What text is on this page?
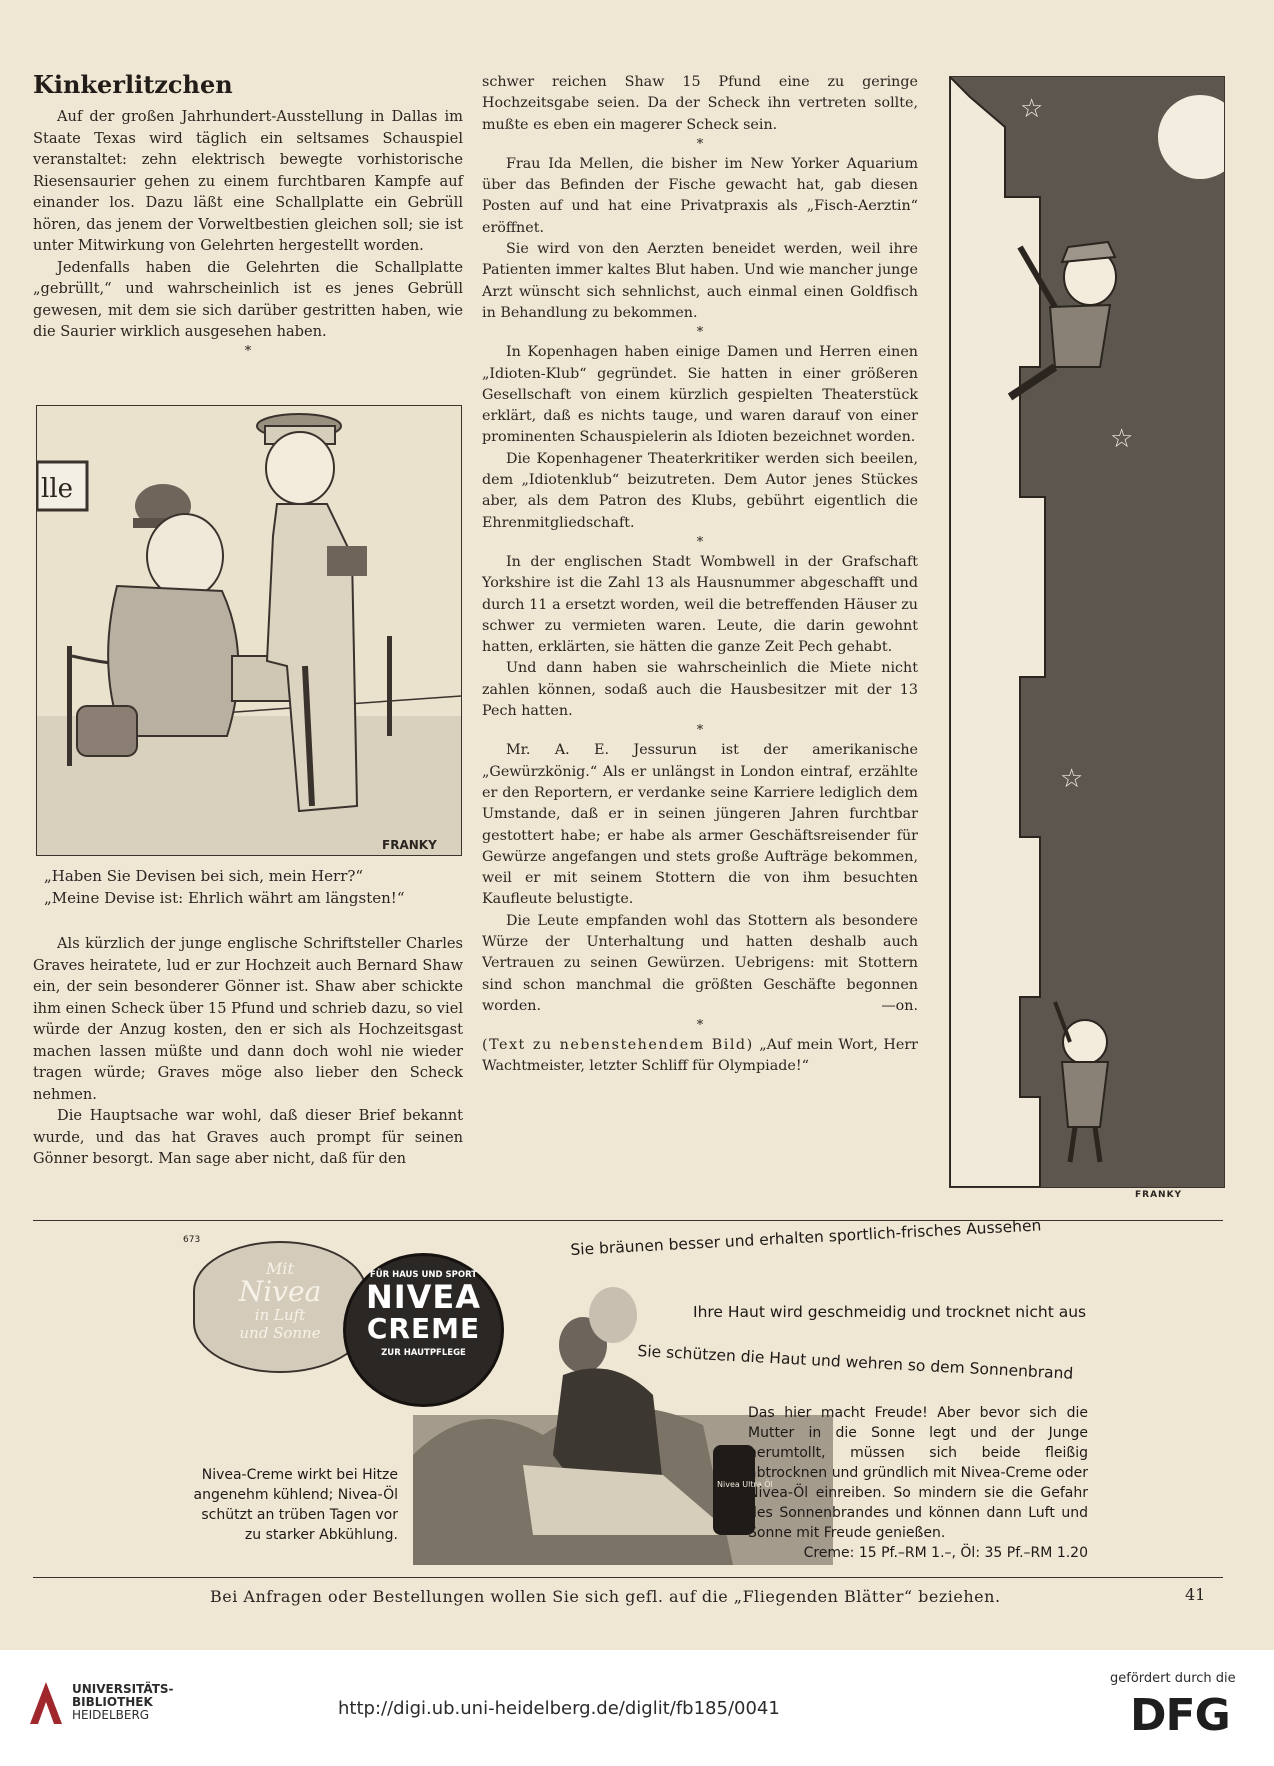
Kinkerlitzchen

Auf der großen Jahrhundert-Ausstellung in Dallas im Staate Texas wird täglich ein seltsames Schauspiel veranstaltet: zehn elektrisch bewegte vorhistorische Riesensaurier gehen zu einem furchtbaren Kampfe auf einander los. Dazu läßt eine Schallplatte ein Gebrüll hören, das jenem der Vorweltbestien gleichen soll; sie ist unter Mitwirkung von Gelehrten hergestellt worden.

Jedenfalls haben die Gelehrten die Schallplatte „gebrüllt,“ und wahrscheinlich ist es jenes Gebrüll gewesen, mit dem sie sich darüber gestritten haben, wie die Saurier wirklich ausgesehen haben.

*
lle
FRANKY
„Haben Sie Devisen bei sich, mein Herr?“
„Meine Devise ist: Ehrlich währt am längsten!“

Als kürzlich der junge englische Schriftsteller Charles Graves heiratete, lud er zur Hochzeit auch Bernard Shaw ein, der sein besonderer Gönner ist. Shaw aber schickte ihm einen Scheck über 15 Pfund und schrieb dazu, so viel würde der Anzug kosten, den er sich als Hochzeitsgast machen lassen müßte und dann doch wohl nie wieder tragen würde; Graves möge also lieber den Scheck nehmen.

Die Hauptsache war wohl, daß dieser Brief bekannt wurde, und das hat Graves auch prompt für seinen Gönner besorgt. Man sage aber nicht, daß für den

schwer reichen Shaw 15 Pfund eine zu geringe Hochzeitsgabe seien. Da der Scheck ihn vertreten sollte, mußte es eben ein magerer Scheck sein.

*

Frau Ida Mellen, die bisher im New Yorker Aquarium über das Befinden der Fische gewacht hat, gab diesen Posten auf und hat eine Privatpraxis als „Fisch-Aerztin“ eröffnet.

Sie wird von den Aerzten beneidet werden, weil ihre Patienten immer kaltes Blut haben. Und wie mancher junge Arzt wünscht sich sehnlichst, auch einmal einen Goldfisch in Behandlung zu bekommen.

*

In Kopenhagen haben einige Damen und Herren einen „Idioten-Klub“ gegründet. Sie hatten in einer größeren Gesellschaft von einem kürzlich gespielten Theaterstück erklärt, daß es nichts tauge, und waren darauf von einer prominenten Schauspielerin als Idioten bezeichnet worden.

Die Kopenhagener Theaterkritiker werden sich beeilen, dem „Idiotenklub“ beizutreten. Dem Autor jenes Stückes aber, als dem Patron des Klubs, gebührt eigentlich die Ehrenmitgliedschaft.

*

In der englischen Stadt Wombwell in der Grafschaft Yorkshire ist die Zahl 13 als Hausnummer abgeschafft und durch 11 a ersetzt worden, weil die betreffenden Häuser zu schwer zu vermieten waren. Leute, die darin gewohnt hatten, erklärten, sie hätten die ganze Zeit Pech gehabt.

Und dann haben sie wahrscheinlich die Miete nicht zahlen können, sodaß auch die Hausbesitzer mit der 13 Pech hatten.

*

Mr. A. E. Jessurun ist der amerikanische „Gewürzkönig.“ Als er unlängst in London eintraf, erzählte er den Reportern, er verdanke seine Karriere lediglich dem Umstande, daß er in seinen jüngeren Jahren furchtbar gestottert habe; er habe als armer Geschäftsreisender für Gewürze angefangen und stets große Aufträge bekommen, weil er mit seinem Stottern die von ihm besuchten Kaufleute belustigte.

Die Leute empfanden wohl das Stottern als besondere Würze der Unterhaltung und hatten deshalb auch Vertrauen zu seinen Gewürzen. Uebrigens: mit Stottern sind schon manchmal die größten Geschäfte begonnen worden.	—on.

*

(Text zu nebenstehendem Bild) „Auf mein Wort, Herr Wachtmeister, letzter Schliff für Olympiade!“

☆
☆
☆
FRANKY
673
Mit
Nivea
in Luft
und Sonne
FÜR HAUS UND SPORT
NIVEA
CREME
ZUR HAUTPFLEGE
Nivea Ultra Öl
Sie bräunen besser und erhalten sportlich-frisches Aussehen
Ihre Haut wird geschmeidig und trocknet nicht aus
Sie schützen die Haut und wehren so dem Sonnenbrand
Das hier macht Freude! Aber bevor sich die Mutter in die Sonne legt und der Junge herumtollt, müssen sich beide fleißig abtrocknen und gründlich mit Nivea-Creme oder Nivea-Öl einreiben. So mindern sie die Gefahr des Sonnenbrandes und können dann Luft und Sonne mit Freude genießen.
Creme: 15 Pf.–RM 1.–, Öl: 35 Pf.–RM 1.20
Nivea-Creme wirkt bei Hitze angenehm kühlend; Nivea-Öl schützt an trüben Tagen vor zu starker Abkühlung.
Bei Anfragen oder Bestellungen wollen Sie sich gefl. auf die „Fliegenden Blätter“ beziehen.	41
UNIVERSITÄTS-
BIBLIOTHEK
HEIDELBERG	http://digi.ub.uni-heidelberg.de/diglit/fb185/0041
gefördert durch die
DFG
